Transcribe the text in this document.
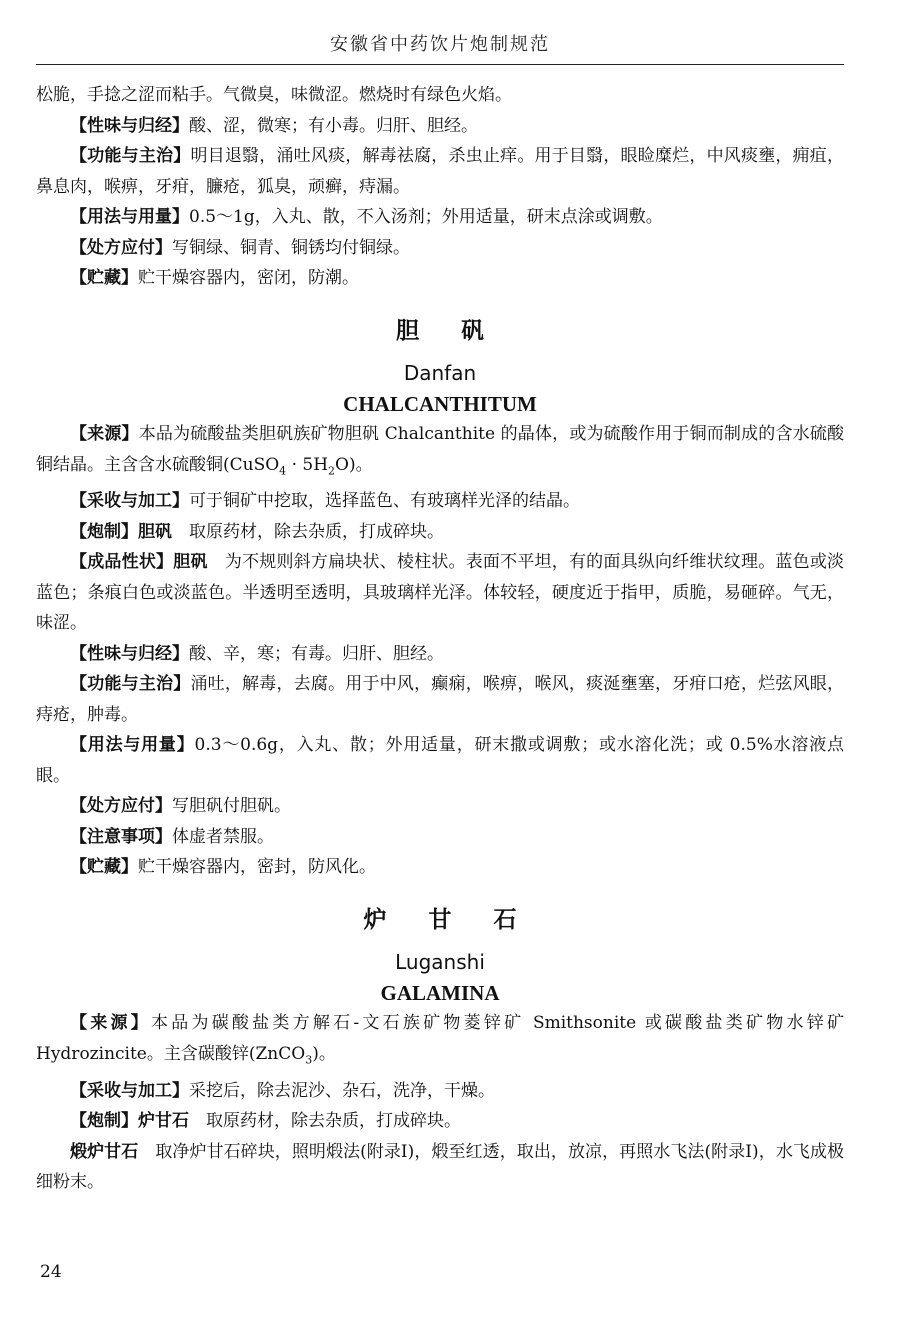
安徽省中药饮片炮制规范

松脆，手捻之涩而粘手。气微臭，味微涩。燃烧时有绿色火焰。

【性味与归经】酸、涩，微寒；有小毒。归肝、胆经。

【功能与主治】明目退翳，涌吐风痰，解毒祛腐，杀虫止痒。用于目翳，眼睑糜烂，中风痰壅，痈疽，鼻息肉，喉痹，牙疳，臁疮，狐臭，顽癣，痔漏。

【用法与用量】0.5～1g，入丸、散，不入汤剂；外用适量，研末点涂或调敷。

【处方应付】写铜绿、铜青、铜锈均付铜绿。

【贮藏】贮干燥容器内，密闭，防潮。

胆矾

Danfan

CHALCANTHITUM

【来源】本品为硫酸盐类胆矾族矿物胆矾 Chalcanthite 的晶体，或为硫酸作用于铜而制成的含水硫酸铜结晶。主含含水硫酸铜(CuSO$_4$ · $5H_2O$)。

【采收与加工】可于铜矿中挖取，选择蓝色、有玻璃样光泽的结晶。

【炮制】胆矾　取原药材，除去杂质，打成碎块。

【成品性状】胆矾　为不规则斜方扁块状、棱柱状。表面不平坦，有的面具纵向纤维状纹理。蓝色或淡蓝色；条痕白色或淡蓝色。半透明至透明，具玻璃样光泽。体较轻，硬度近于指甲，质脆，易砸碎。气无，味涩。

【性味与归经】酸、辛，寒；有毒。归肝、胆经。

【功能与主治】涌吐，解毒，去腐。用于中风，癫痫，喉痹，喉风，痰涎壅塞，牙疳口疮，烂弦风眼，痔疮，肿毒。

【用法与用量】0.3～0.6g，入丸、散；外用适量，研末撒或调敷；或水溶化洗；或 0.5%水溶液点眼。

【处方应付】写胆矾付胆矾。

【注意事项】体虚者禁服。

【贮藏】贮干燥容器内，密封，防风化。

炉甘石

Luganshi

GALAMINA

【来源】本品为碳酸盐类方解石-文石族矿物菱锌矿 Smithsonite 或碳酸盐类矿物水锌矿 Hydrozincite。主含碳酸锌(ZnCO$_3$)。

【采收与加工】采挖后，除去泥沙、杂石，洗净，干燥。

【炮制】炉甘石　取原药材，除去杂质，打成碎块。

煅炉甘石　取净炉甘石碎块，照明煅法(附录Ⅰ)，煅至红透，取出，放凉，再照水飞法(附录Ⅰ)，水飞成极细粉末。

24
